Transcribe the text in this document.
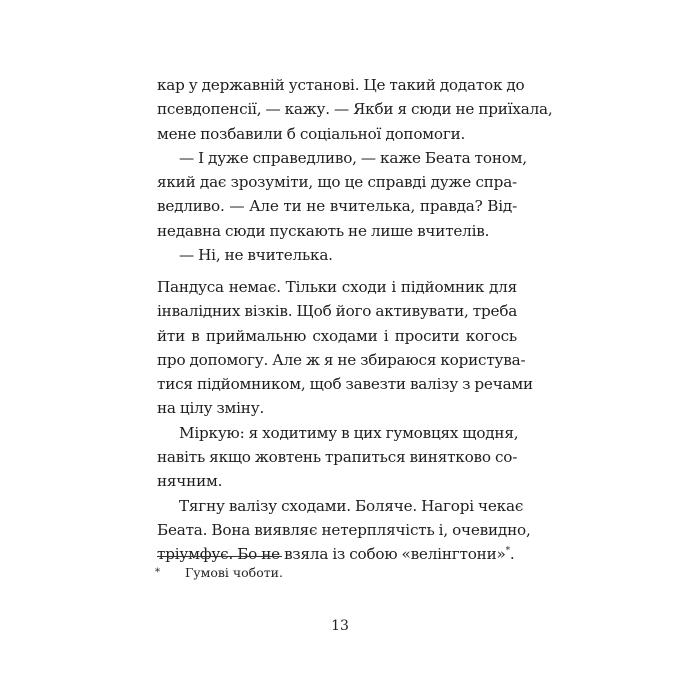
кар у державній установі. Це такий додаток до
псевдопенсії, — кажу. — Якби я сюди не приїхала,
мене позбавили б соціальної допомоги.
— І дуже справедливо, — каже Беата тоном,
який дає зрозуміти, що це справді дуже спра-
ведливо. — Але ти не вчителька, правда? Від-
недавна сюди пускають не лише вчителів.
— Ні, не вчителька.
Пандуса немає. Тільки сходи і підйомник для
інвалідних візків. Щоб його активувати, треба
йти в приймальню сходами і просити когось
про допомогу. Але ж я не збираюся користува-
тися підйомником, щоб завезти валізу з речами
на цілу зміну.
Міркую: я ходитиму в цих гумовцях щодня,
навіть якщо жовтень трапиться винятково со-
нячним.
Тягну валізу сходами. Боляче. Нагорі чекає
Беата. Вона виявляє нетерплячість і, очевидно,
тріумфує. Бо не взяла із собою «велінгтони»*.
* Гумові чоботи.
13
